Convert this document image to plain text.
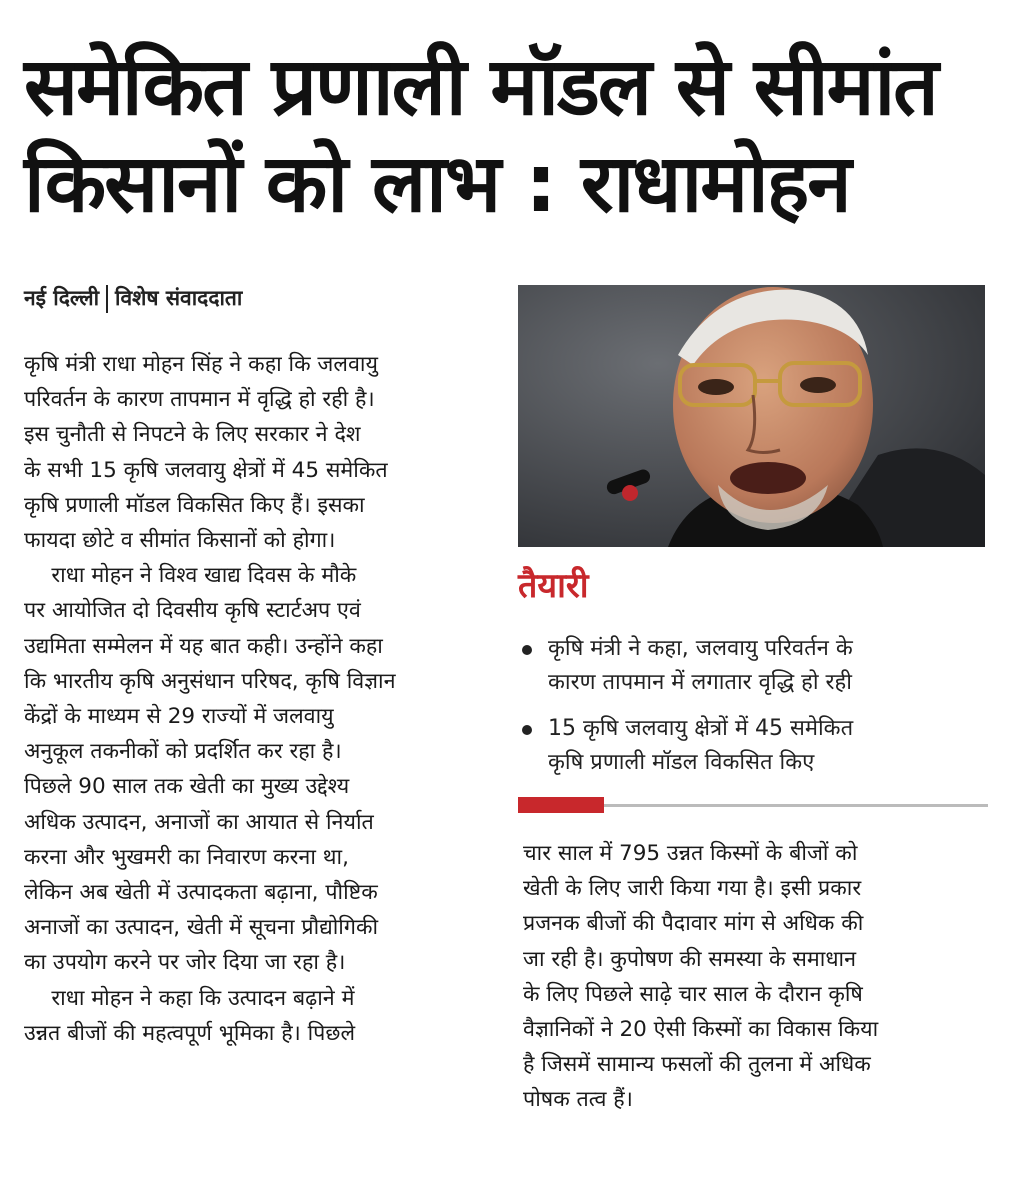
समेकित प्रणाली मॉडल से सीमांत
किसानों को लाभ : राधामोहन
नई दिल्ली विशेष संवाददाता
कृषि मंत्री राधा मोहन सिंह ने कहा कि जलवायु
परिवर्तन के कारण तापमान में वृद्धि हो रही है।
इस चुनौती से निपटने के लिए सरकार ने देश
के सभी 15 कृषि जलवायु क्षेत्रों में 45 समेकित
कृषि प्रणाली मॉडल विकसित किए हैं। इसका
फायदा छोटे व सीमांत किसानों को होगा।
राधा मोहन ने विश्व खाद्य दिवस के मौके
पर आयोजित दो दिवसीय कृषि स्टार्टअप एवं
उद्यमिता सम्मेलन में यह बात कही। उन्होंने कहा
कि भारतीय कृषि अनुसंधान परिषद, कृषि विज्ञान
केंद्रों के माध्यम से 29 राज्यों में जलवायु
अनुकूल तकनीकों को प्रदर्शित कर रहा है।
पिछले 90 साल तक खेती का मुख्य उद्देश्य
अधिक उत्पादन, अनाजों का आयात से निर्यात
करना और भुखमरी का निवारण करना था,
लेकिन अब खेती में उत्पादकता बढ़ाना, पौष्टिक
अनाजों का उत्पादन, खेती में सूचना प्रौद्योगिकी
का उपयोग करने पर जोर दिया जा रहा है।
राधा मोहन ने कहा कि उत्पादन बढ़ाने में
उन्नत बीजों की महत्वपूर्ण भूमिका है। पिछले
तैयारी
कृषि मंत्री ने कहा, जलवायु परिवर्तन के
कारण तापमान में लगातार वृद्धि हो रही
15 कृषि जलवायु क्षेत्रों में 45 समेकित
कृषि प्रणाली मॉडल विकसित किए
चार साल में 795 उन्नत किस्मों के बीजों को
खेती के लिए जारी किया गया है। इसी प्रकार
प्रजनक बीजों की पैदावार मांग से अधिक की
जा रही है। कुपोषण की समस्या के समाधान
के लिए पिछले साढ़े चार साल के दौरान कृषि
वैज्ञानिकों ने 20 ऐसी किस्मों का विकास किया
है जिसमें सामान्य फसलों की तुलना में अधिक
पोषक तत्व हैं।
